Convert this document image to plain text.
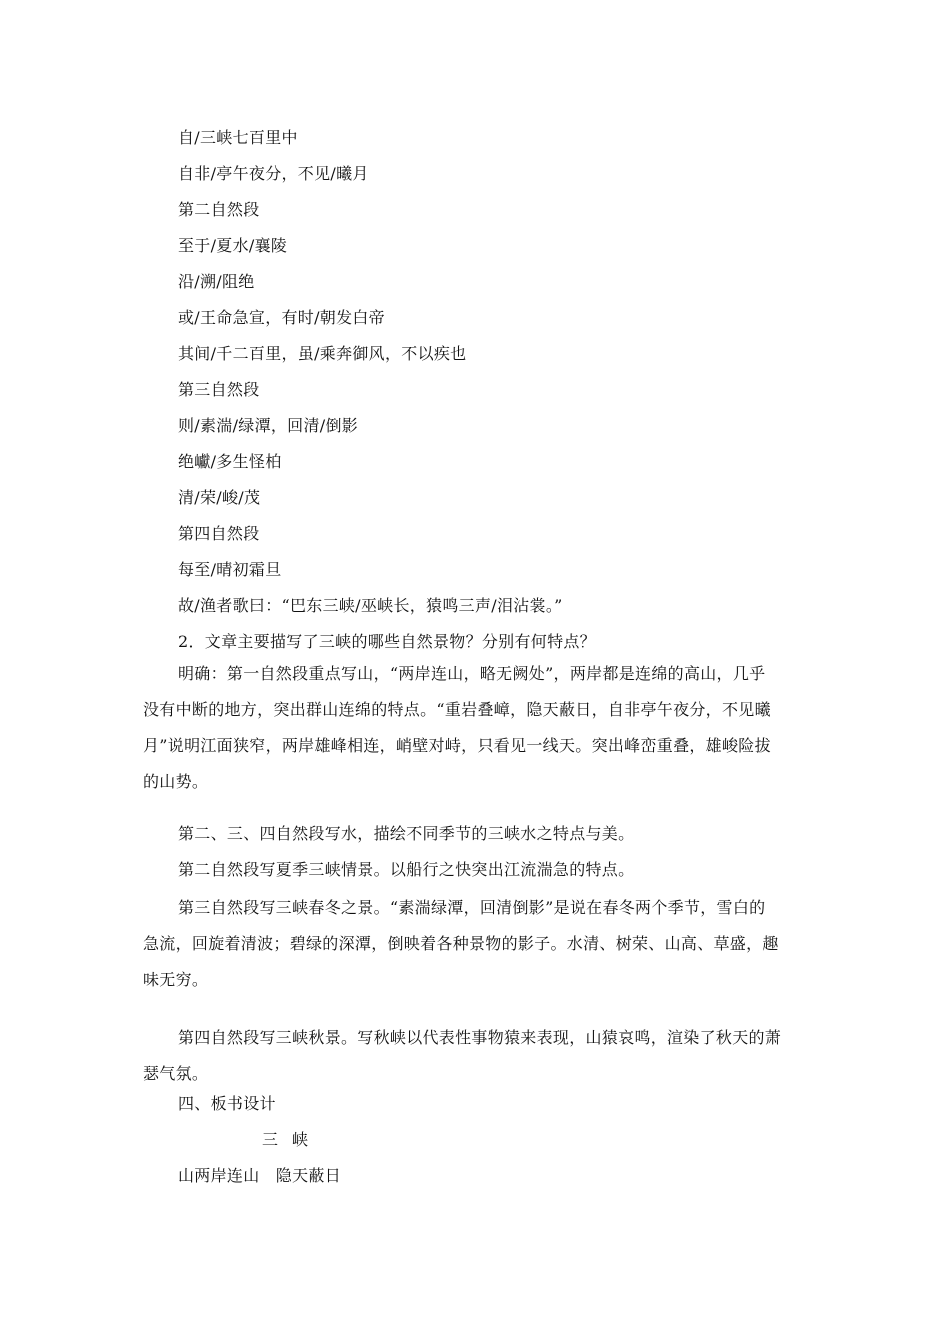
自/三峡七百里中
自非/亭午夜分，不见/曦月
第二自然段
至于/夏水/襄陵
沿/溯/阻绝
或/王命急宣，有时/朝发白帝
其间/千二百里，虽/乘奔御风，不以疾也
第三自然段
则/素湍/绿潭，回清/倒影
绝巘/多生怪柏
清/荣/峻/茂
第四自然段
每至/晴初霜旦
故/渔者歌曰：“巴东三峡/巫峡长，猿鸣三声/泪沾裳。”
2．文章主要描写了三峡的哪些自然景物？分别有何特点？
明确：第一自然段重点写山，“两岸连山，略无阙处”，两岸都是连绵的高山，几乎
没有中断的地方，突出群山连绵的特点。“重岩叠嶂，隐天蔽日，自非亭午夜分，不见曦
月”说明江面狭窄，两岸雄峰相连，峭壁对峙，只看见一线天。突出峰峦重叠，雄峻险拔
的山势。
第二、三、四自然段写水，描绘不同季节的三峡水之特点与美。
第二自然段写夏季三峡情景。以船行之快突出江流湍急的特点。
第三自然段写三峡春冬之景。“素湍绿潭，回清倒影”是说在春冬两个季节，雪白的
急流，回旋着清波；碧绿的深潭，倒映着各种景物的影子。水清、树荣、山高、草盛，趣
味无穷。
第四自然段写三峡秋景。写秋峡以代表性事物猿来表现，山猿哀鸣，渲染了秋天的萧
瑟气氛。
四、板书设计
三峡
山两岸连山　隐天蔽日
